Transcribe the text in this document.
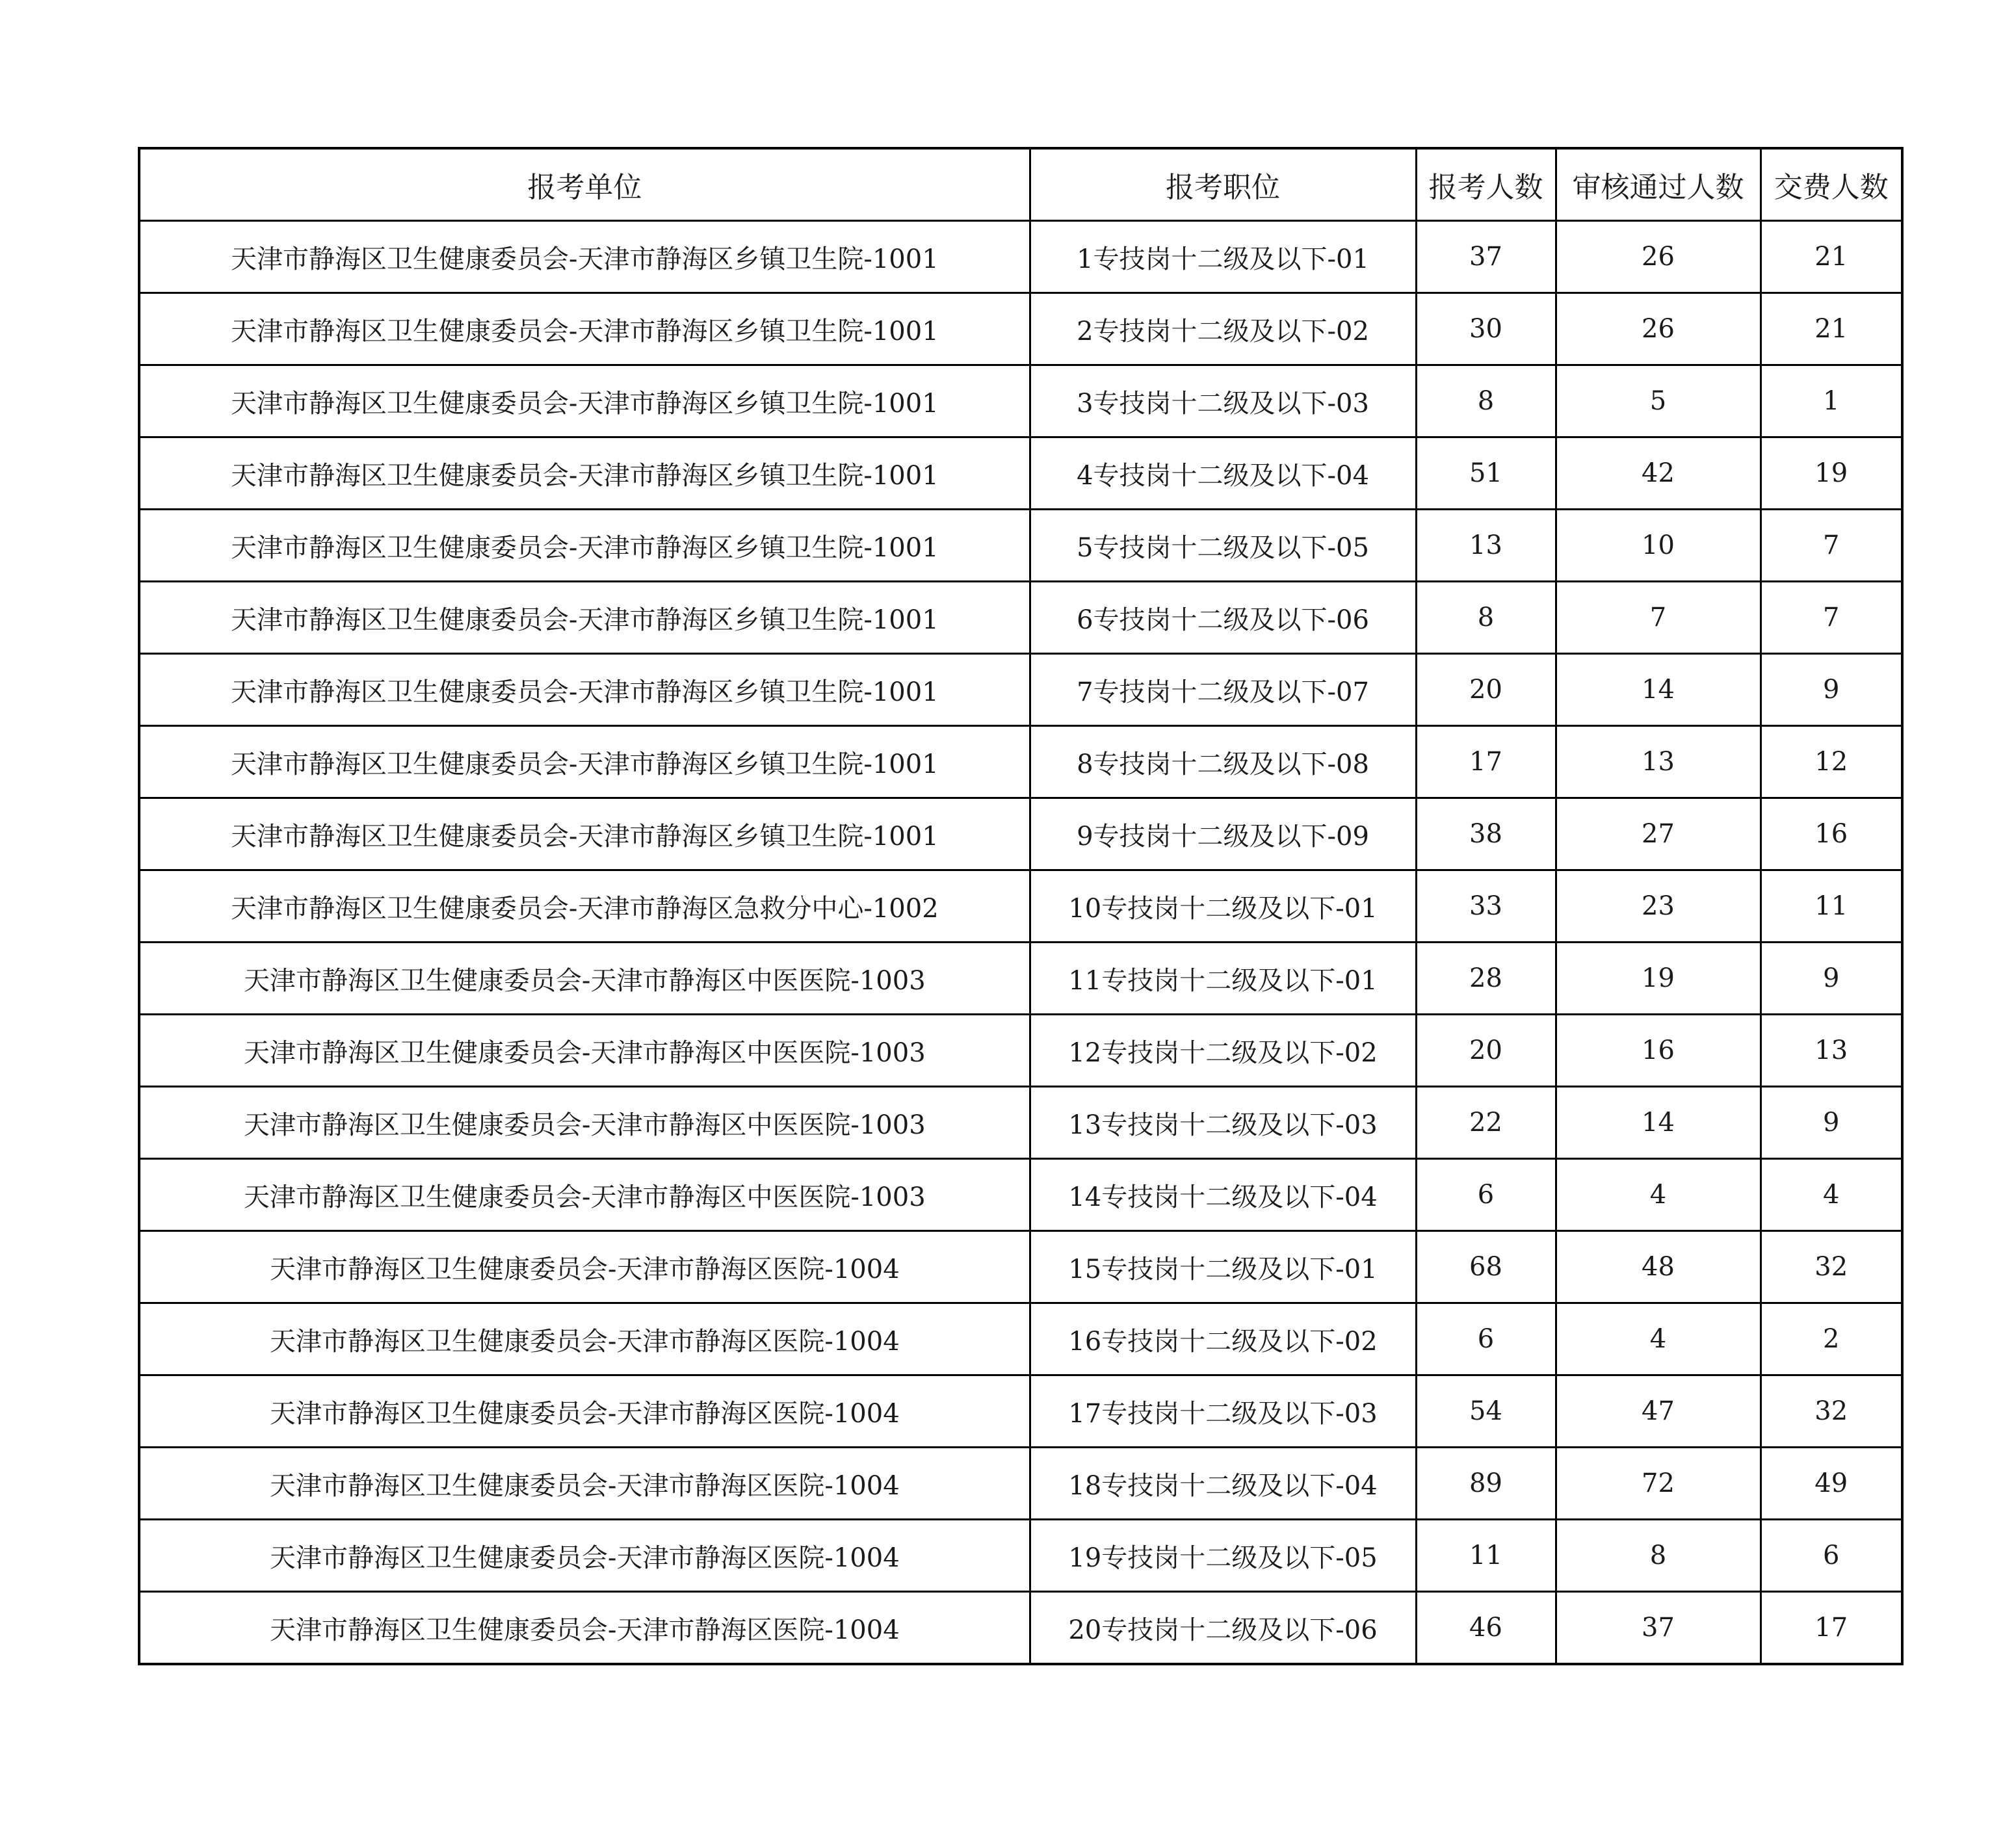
报考单位	报考职位	报考人数	审核通过人数	交费人数
天津市静海区卫生健康委员会-天津市静海区乡镇卫生院-1001	1专技岗十二级及以下-01	37	26	21
天津市静海区卫生健康委员会-天津市静海区乡镇卫生院-1001	2专技岗十二级及以下-02	30	26	21
天津市静海区卫生健康委员会-天津市静海区乡镇卫生院-1001	3专技岗十二级及以下-03	8	5	1
天津市静海区卫生健康委员会-天津市静海区乡镇卫生院-1001	4专技岗十二级及以下-04	51	42	19
天津市静海区卫生健康委员会-天津市静海区乡镇卫生院-1001	5专技岗十二级及以下-05	13	10	7
天津市静海区卫生健康委员会-天津市静海区乡镇卫生院-1001	6专技岗十二级及以下-06	8	7	7
天津市静海区卫生健康委员会-天津市静海区乡镇卫生院-1001	7专技岗十二级及以下-07	20	14	9
天津市静海区卫生健康委员会-天津市静海区乡镇卫生院-1001	8专技岗十二级及以下-08	17	13	12
天津市静海区卫生健康委员会-天津市静海区乡镇卫生院-1001	9专技岗十二级及以下-09	38	27	16
天津市静海区卫生健康委员会-天津市静海区急救分中心-1002	10专技岗十二级及以下-01	33	23	11
天津市静海区卫生健康委员会-天津市静海区中医医院-1003	11专技岗十二级及以下-01	28	19	9
天津市静海区卫生健康委员会-天津市静海区中医医院-1003	12专技岗十二级及以下-02	20	16	13
天津市静海区卫生健康委员会-天津市静海区中医医院-1003	13专技岗十二级及以下-03	22	14	9
天津市静海区卫生健康委员会-天津市静海区中医医院-1003	14专技岗十二级及以下-04	6	4	4
天津市静海区卫生健康委员会-天津市静海区医院-1004	15专技岗十二级及以下-01	68	48	32
天津市静海区卫生健康委员会-天津市静海区医院-1004	16专技岗十二级及以下-02	6	4	2
天津市静海区卫生健康委员会-天津市静海区医院-1004	17专技岗十二级及以下-03	54	47	32
天津市静海区卫生健康委员会-天津市静海区医院-1004	18专技岗十二级及以下-04	89	72	49
天津市静海区卫生健康委员会-天津市静海区医院-1004	19专技岗十二级及以下-05	11	8	6
天津市静海区卫生健康委员会-天津市静海区医院-1004	20专技岗十二级及以下-06	46	37	17
